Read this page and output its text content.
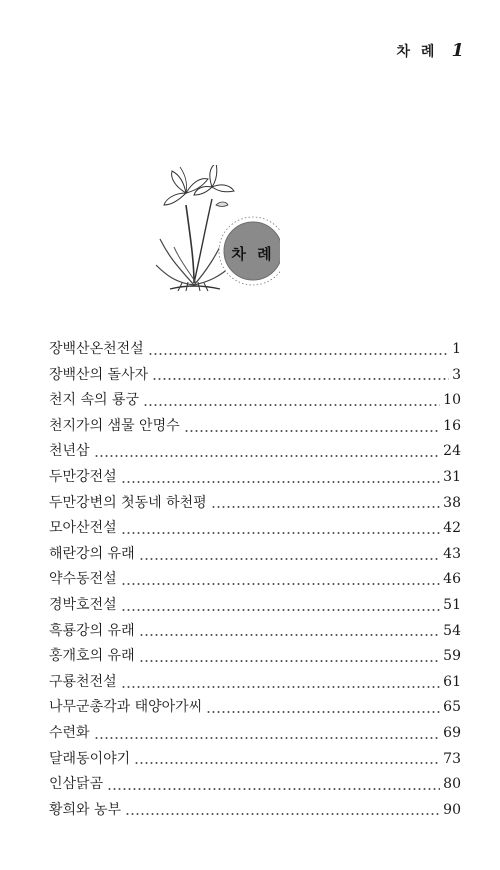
차 례 1
차 례
장백산온천전설	1
장백산의 돌사자	3
천지 속의 룡궁	10
천지가의 샘물 안명수	16
천년삼	24
두만강전설	31
두만강변의 첫동네 하천평	38
모아산전설	42
해란강의 유래	43
약수동전설	46
경박호전설	51
흑룡강의 유래	54
홍개호의 유래	59
구룡천전설	61
나무군총각과 태양아가씨	65
수련화	69
달래동이야기	73
인삼닭곰	80
황희와 농부	90
